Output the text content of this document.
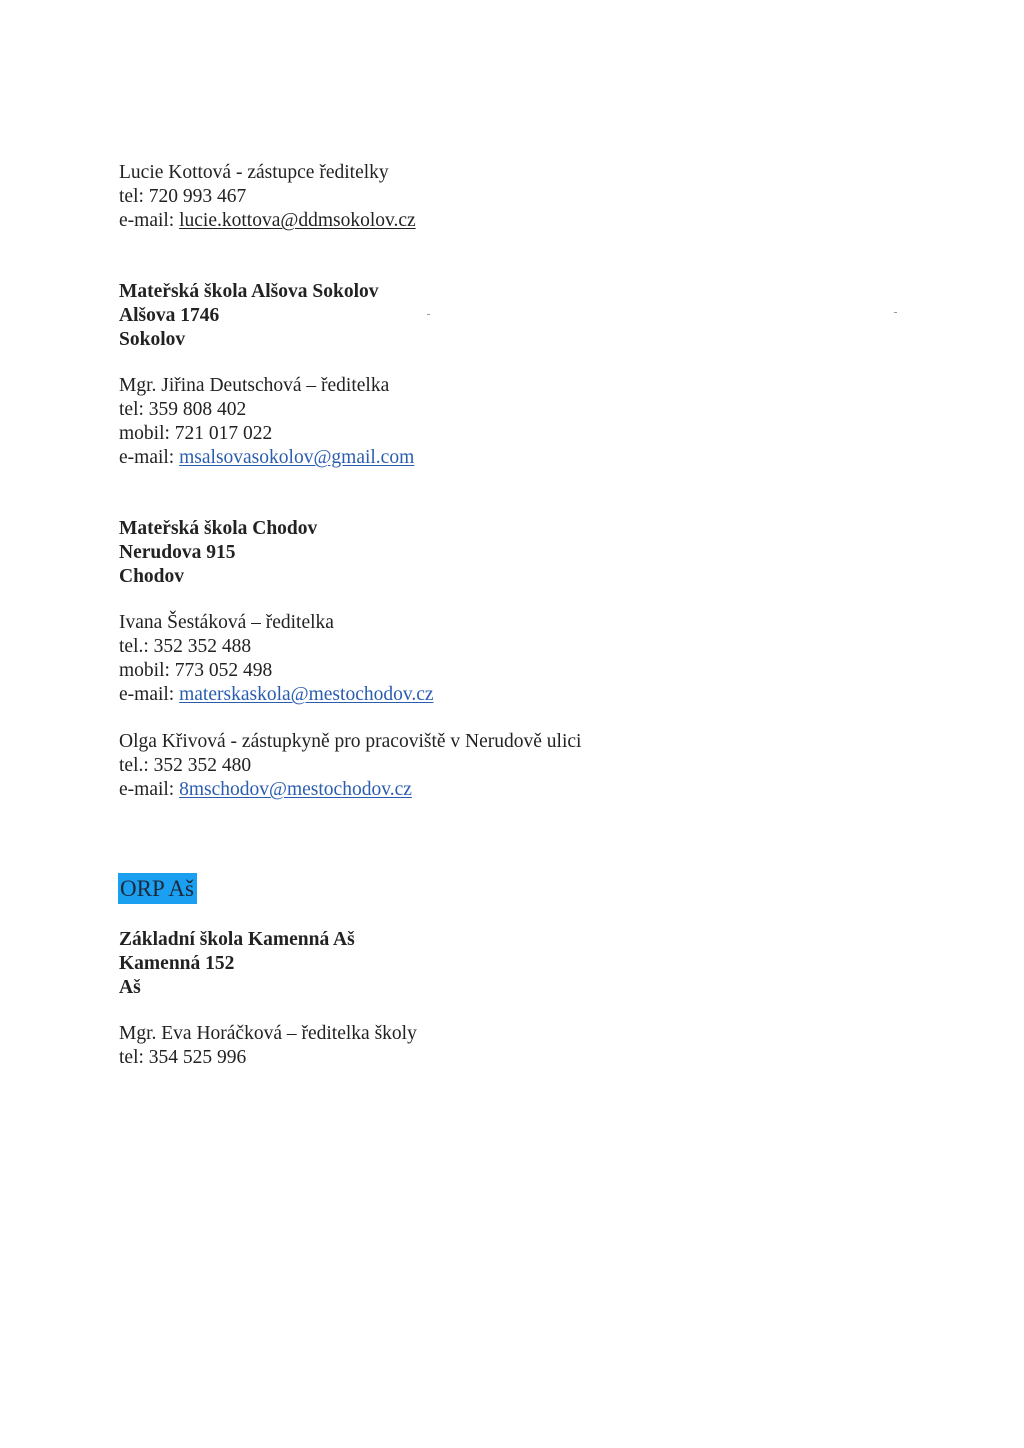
Lucie Kottová - zástupce ředitelky
tel: 720 993 467
e-mail: lucie.kottova@ddmsokolov.cz
Mateřská škola Alšova Sokolov
Alšova 1746
Sokolov
Mgr. Jiřina Deutschová – ředitelka
tel: 359 808 402
mobil: 721 017 022
e-mail: msalsovasokolov@gmail.com
Mateřská škola Chodov
Nerudova 915
Chodov
Ivana Šestáková – ředitelka
tel.: 352 352 488
mobil: 773 052 498
e-mail: materskaskola@mestochodov.cz
Olga Křivová - zástupkyně pro pracoviště v Nerudově ulici
tel.: 352 352 480
e-mail: 8mschodov@mestochodov.cz
ORP Aš
Základní škola Kamenná Aš
Kamenná 152
Aš
Mgr. Eva Horáčková – ředitelka školy
tel: 354 525 996
